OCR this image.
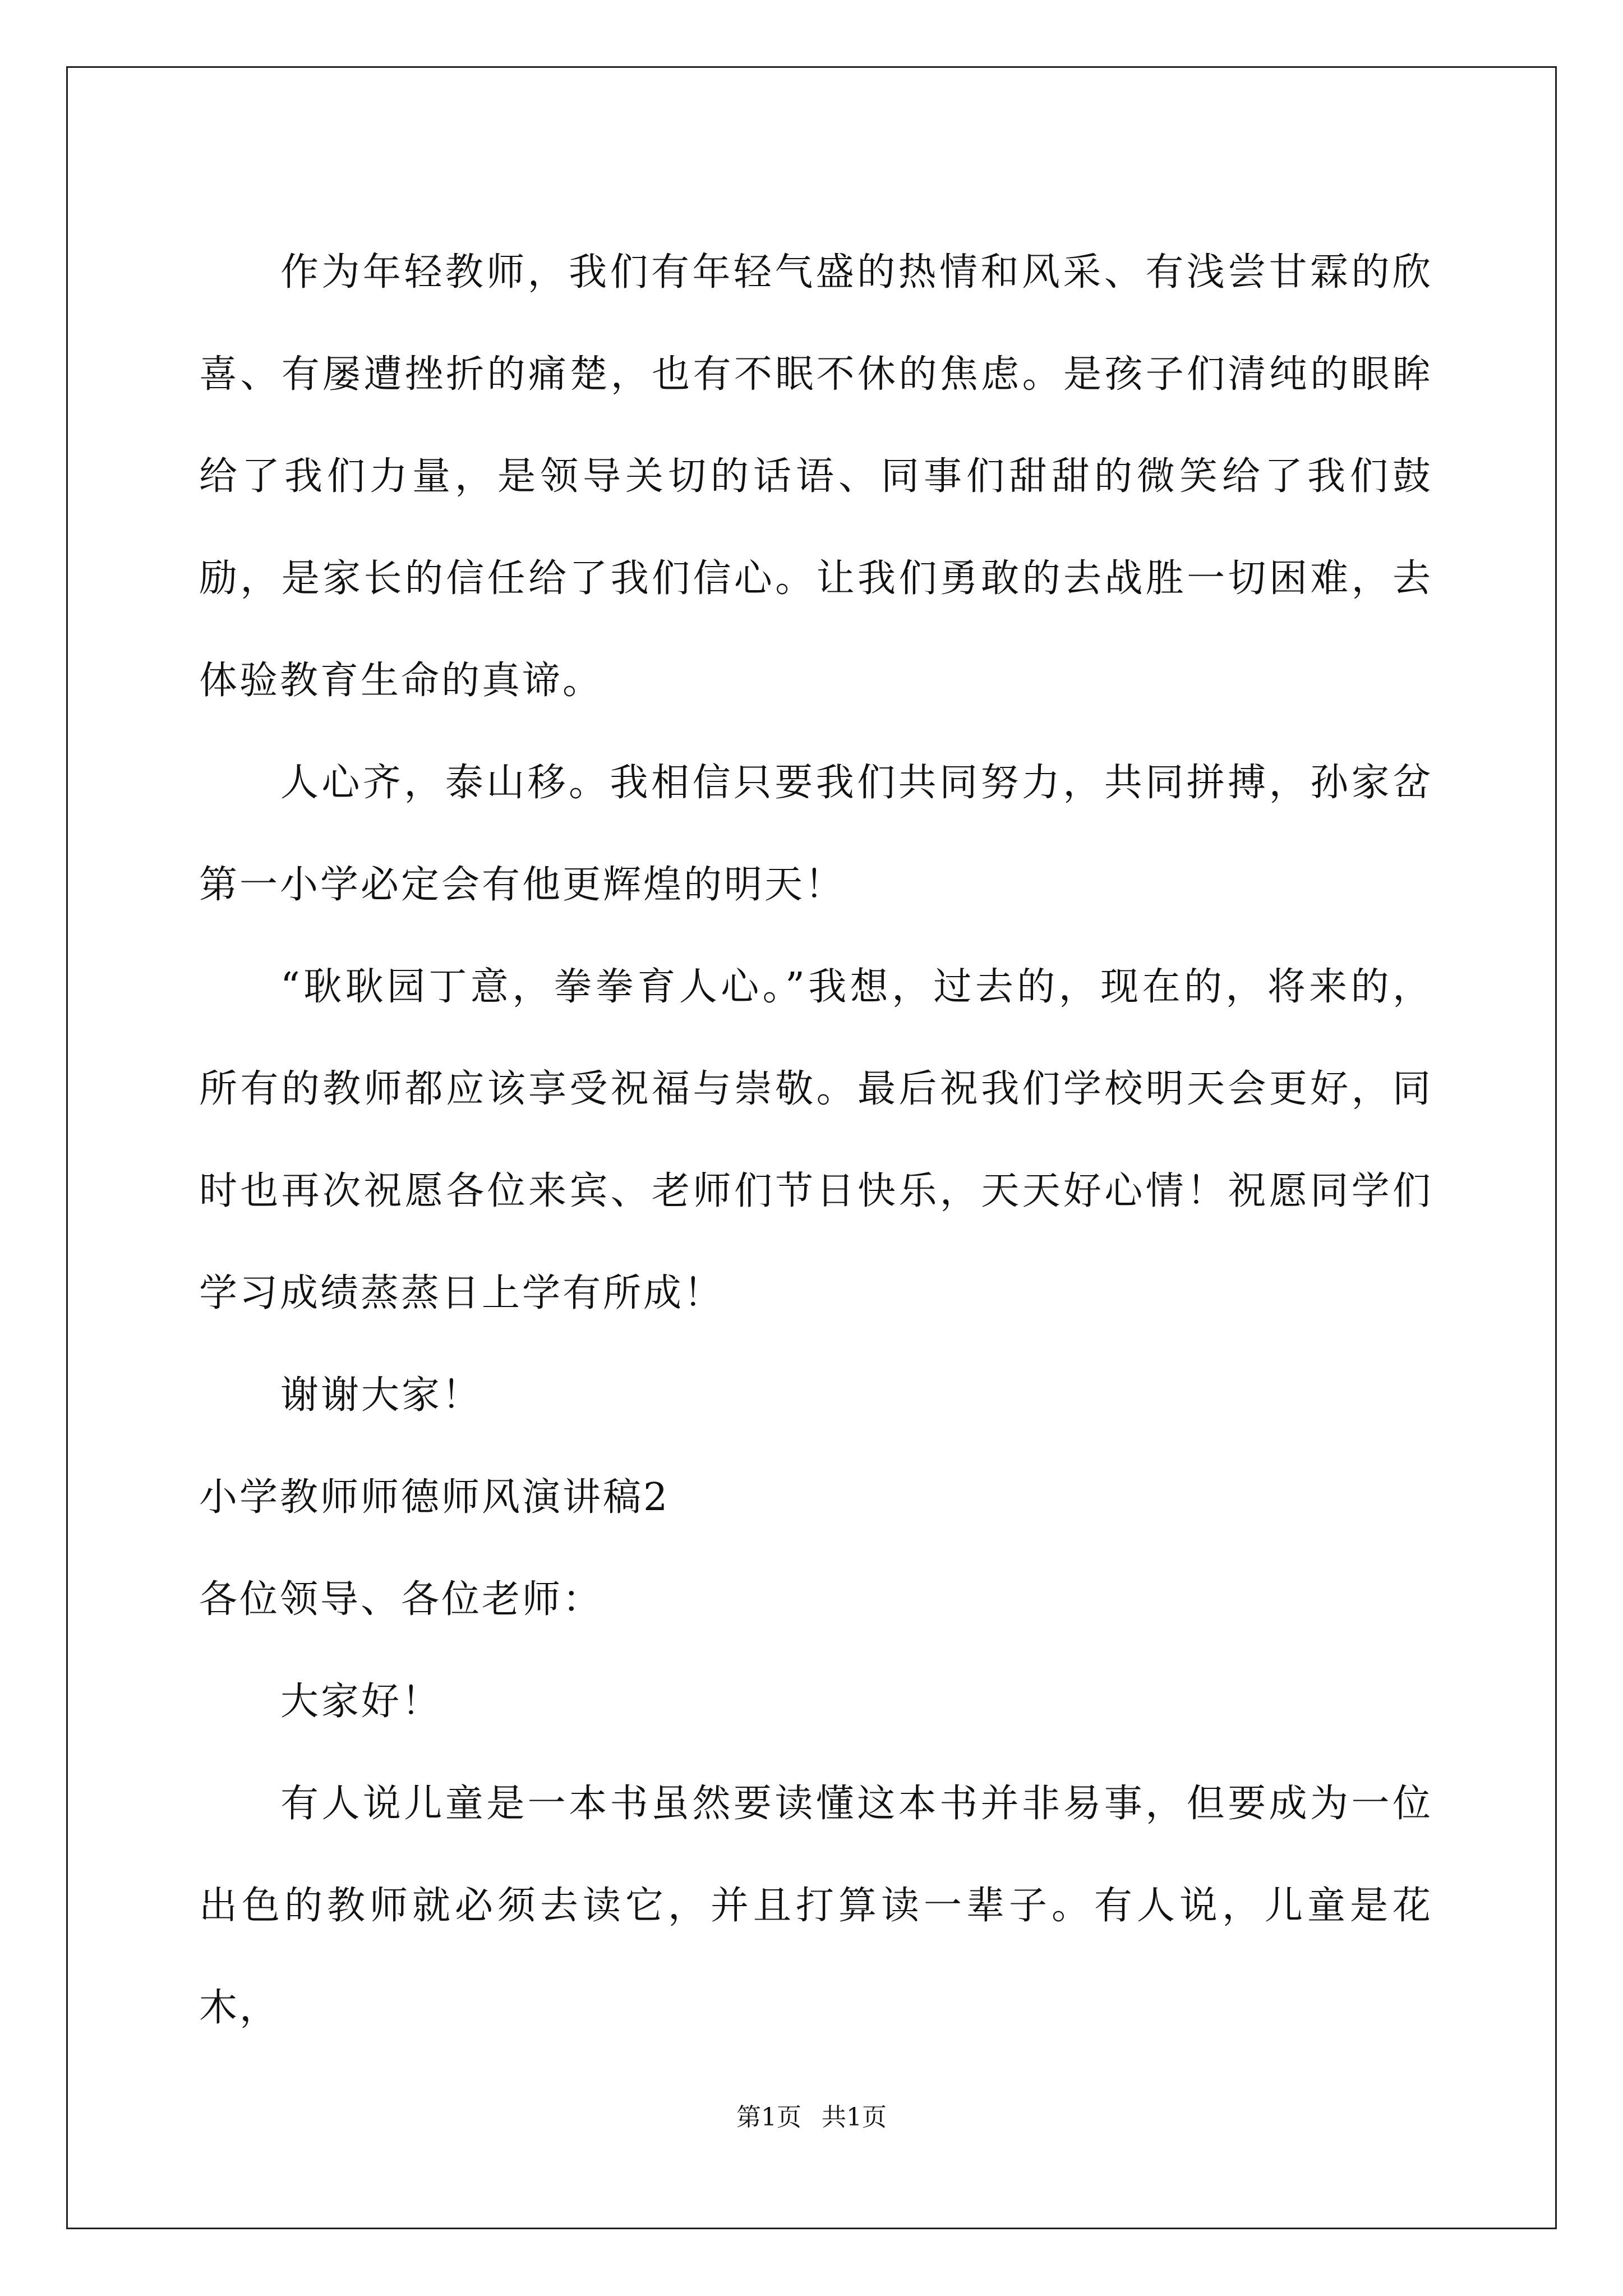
作为年轻教师，我们有年轻气盛的热情和风采、有浅尝甘霖的欣喜、有屡遭挫折的痛楚，也有不眠不休的焦虑。是孩子们清纯的眼眸给了我们力量，是领导关切的话语、同事们甜甜的微笑给了我们鼓励，是家长的信任给了我们信心。让我们勇敢的去战胜一切困难，去体验教育生命的真谛。

人心齐，泰山移。我相信只要我们共同努力，共同拼搏，孙家岔第一小学必定会有他更辉煌的明天！

“耿耿园丁意，拳拳育人心。”我想，过去的，现在的，将来的，所有的教师都应该享受祝福与崇敬。最后祝我们学校明天会更好，同时也再次祝愿各位来宾、老师们节日快乐，天天好心情！祝愿同学们学习成绩蒸蒸日上学有所成！

谢谢大家！

小学教师师德师风演讲稿2

各位领导、各位老师：

大家好！

有人说儿童是一本书虽然要读懂这本书并非易事，但要成为一位出色的教师就必须去读它，并且打算读一辈子。有人说，儿童是花木，

第1页 共1页
